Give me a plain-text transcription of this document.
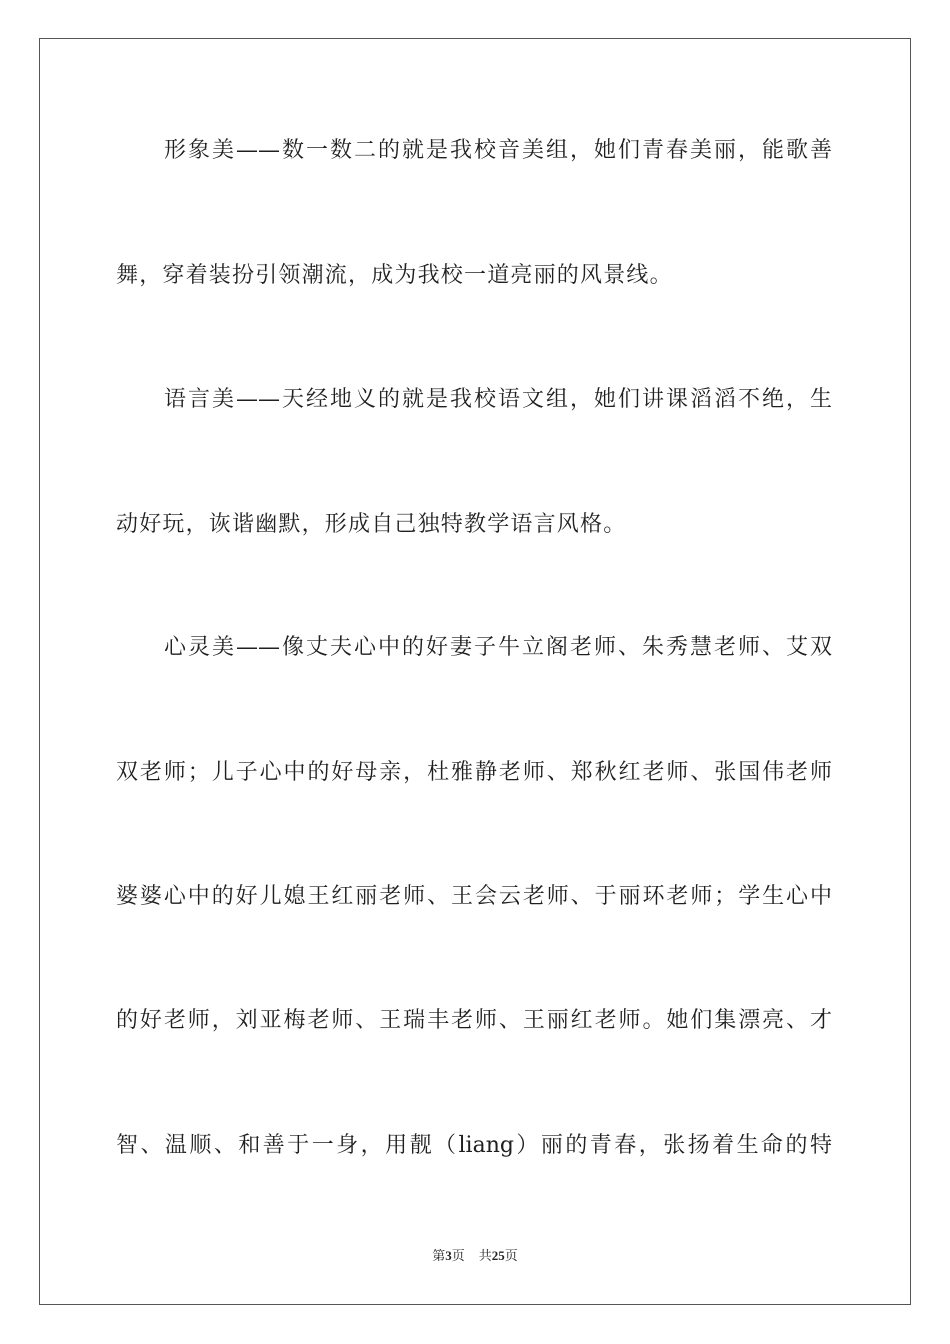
形象美——数一数二的就是我校音美组，她们青春美丽，能歌善
舞，穿着装扮引领潮流，成为我校一道亮丽的风景线。
语言美——天经地义的就是我校语文组，她们讲课滔滔不绝，生
动好玩，诙谐幽默，形成自己独特教学语言风格。
心灵美——像丈夫心中的好妻子牛立阁老师、朱秀慧老师、艾双
双老师；儿子心中的好母亲，杜雅静老师、郑秋红老师、张国伟老师
婆婆心中的好儿媳王红丽老师、王会云老师、于丽环老师；学生心中
的好老师，刘亚梅老师、王瑞丰老师、王丽红老师。她们集漂亮、才
智、温顺、和善于一身，用靓（liang）丽的青春，张扬着生命的特
第3页 共25页
